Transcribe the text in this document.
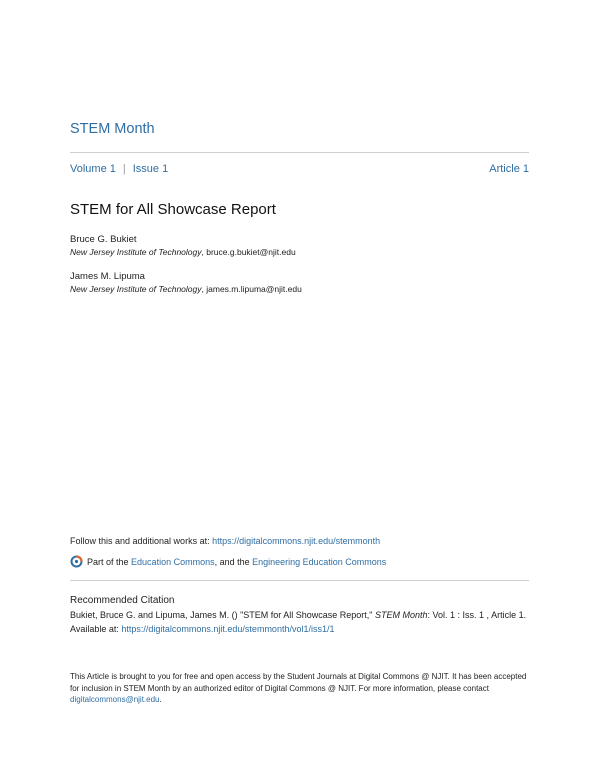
STEM Month
Volume 1 | Issue 1	Article 1
STEM for All Showcase Report
Bruce G. Bukiet
New Jersey Institute of Technology, bruce.g.bukiet@njit.edu
James M. Lipuma
New Jersey Institute of Technology, james.m.lipuma@njit.edu
Follow this and additional works at: https://digitalcommons.njit.edu/stemmonth
Part of the
Education Commons , and the
Engineering Education Commons
Recommended Citation
Bukiet, Bruce G. and Lipuma, James M. () "STEM for All Showcase Report," STEM Month: Vol. 1 : Iss. 1 , Article 1.
Available at: https://digitalcommons.njit.edu/stemmonth/vol1/iss1/1
This Article is brought to you for free and open access by the Student Journals at Digital Commons @ NJIT. It has been accepted for inclusion in STEM Month by an authorized editor of Digital Commons @ NJIT. For more information, please contact digitalcommons@njit.edu.
